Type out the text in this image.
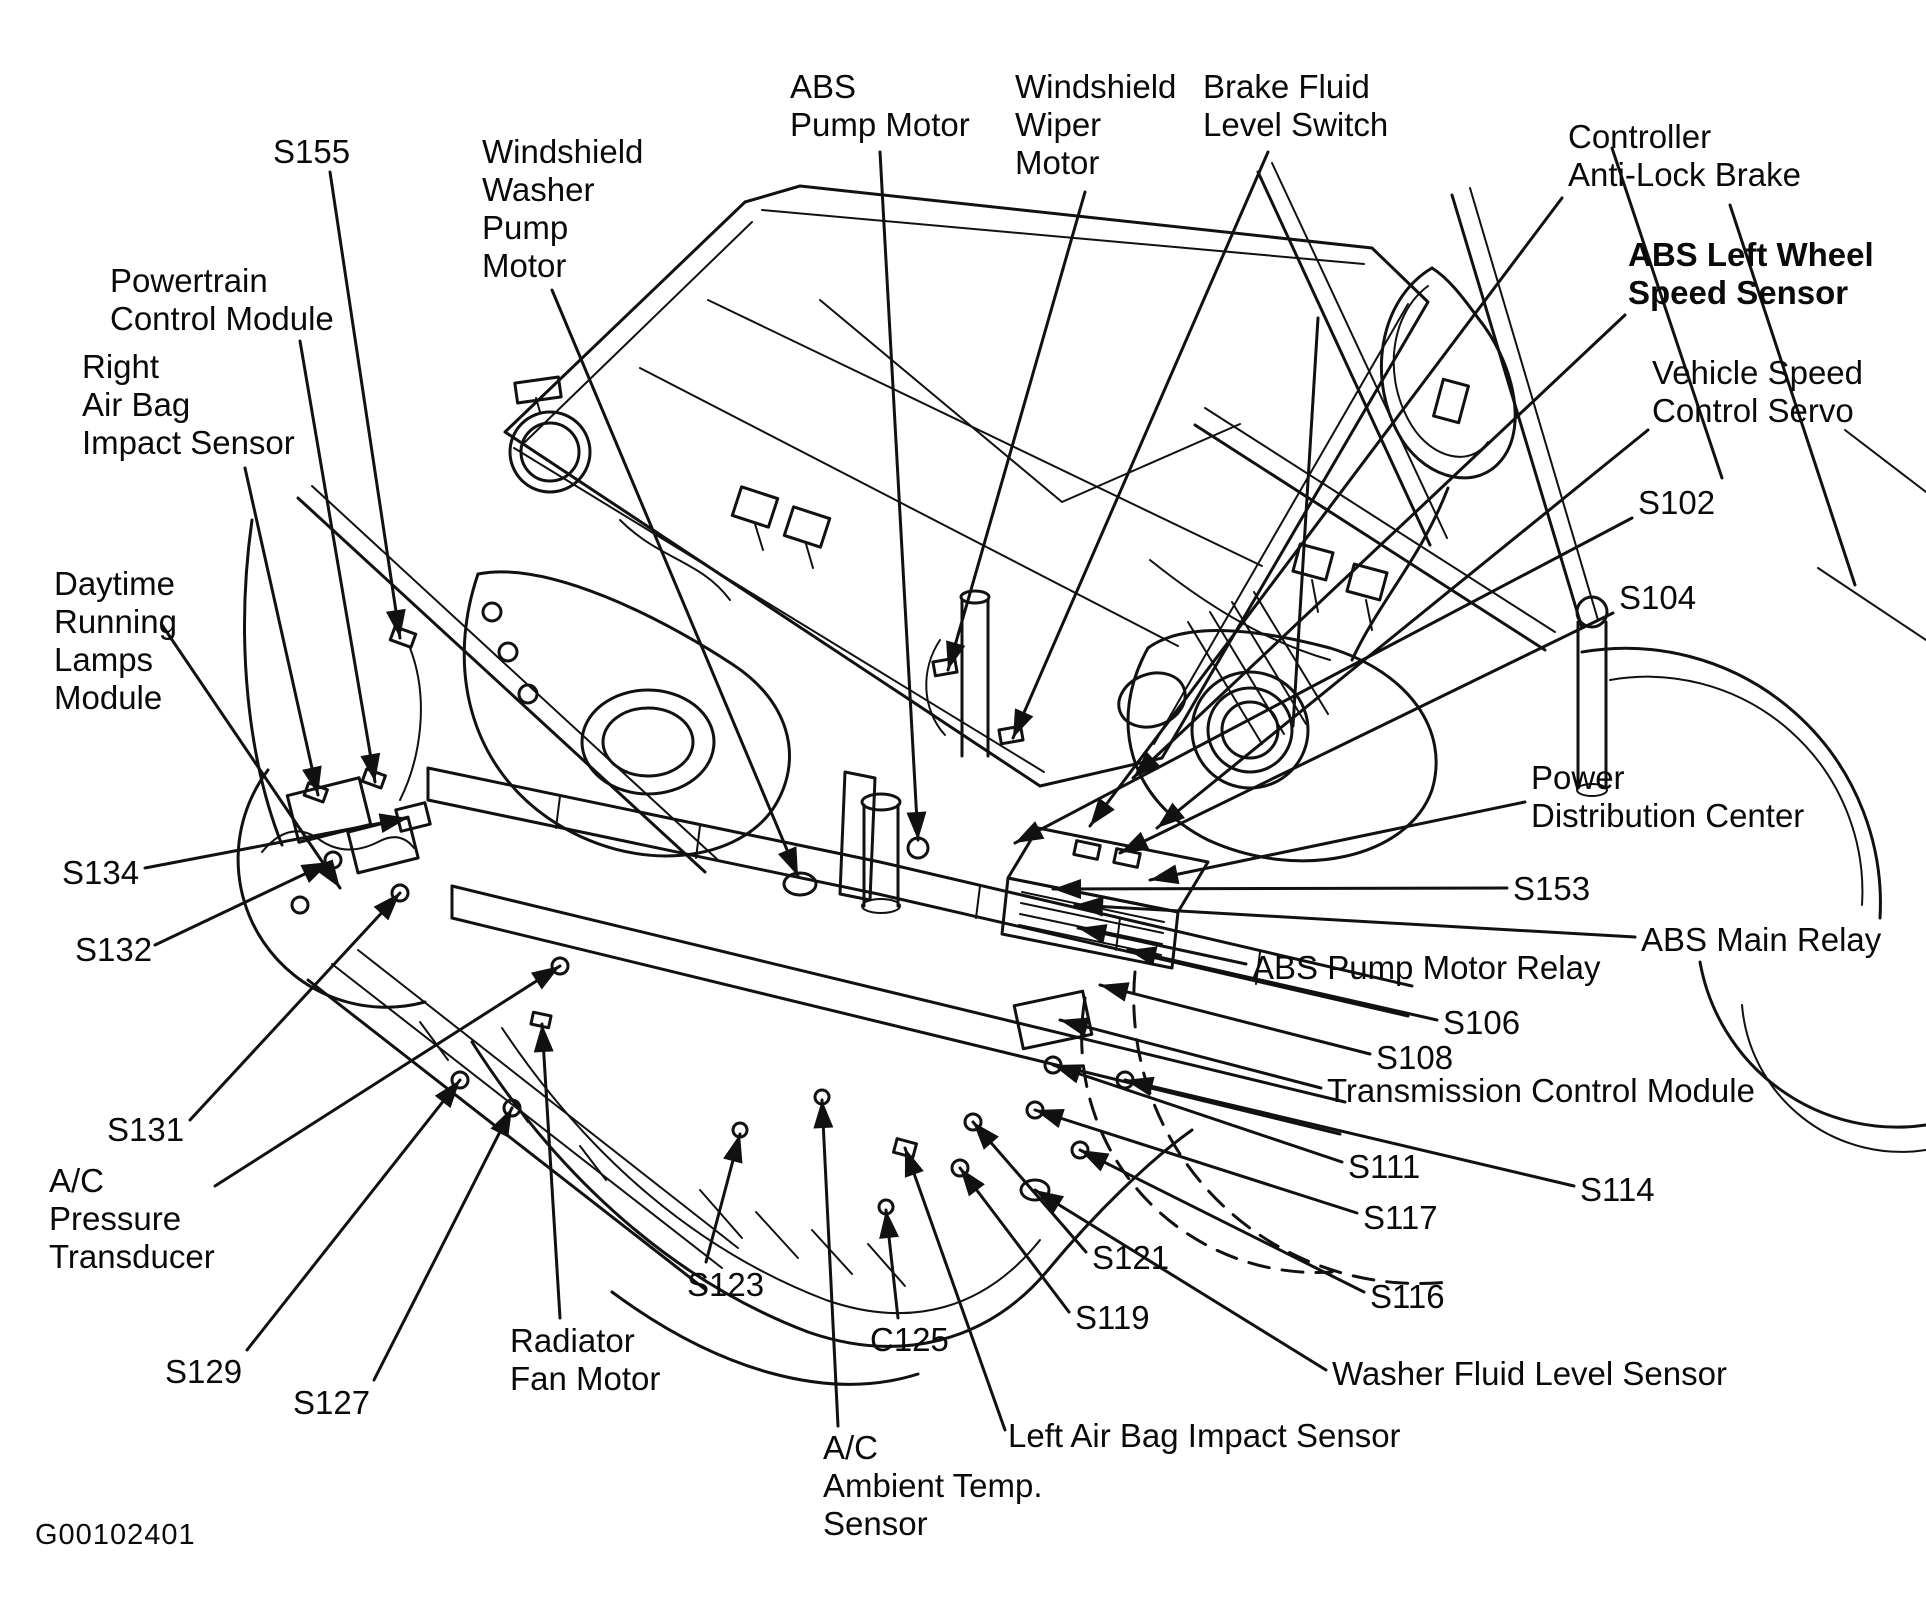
Powertrain
Control Module
Right
Air Bag
Impact Sensor
Daytime
Running
Lamps
Module
S155	Windshield
Washer
Pump
Motor
ABS
Pump Motor
Windshield
Wiper
Motor
Brake Fluid
Level Switch	Controller
Anti-Lock Brake
ABS Left Wheel
Speed Sensor
Vehicle Speed
Control Servo
S102
S104
Power
Distribution Center
S153
ABS Main Relay
ABS Pump Motor Relay
S106
S108
Transmission Control Module
S111
S114
S117
S121
S116
S119
Washer Fluid Level Sensor
Left Air Bag Impact Sensor
C125
S123
A/C
Ambient Temp.
Sensor
Radiator
Fan Motor
S127
S129
A/C
Pressure
Transducer
S131
S132
S134
G00102401
